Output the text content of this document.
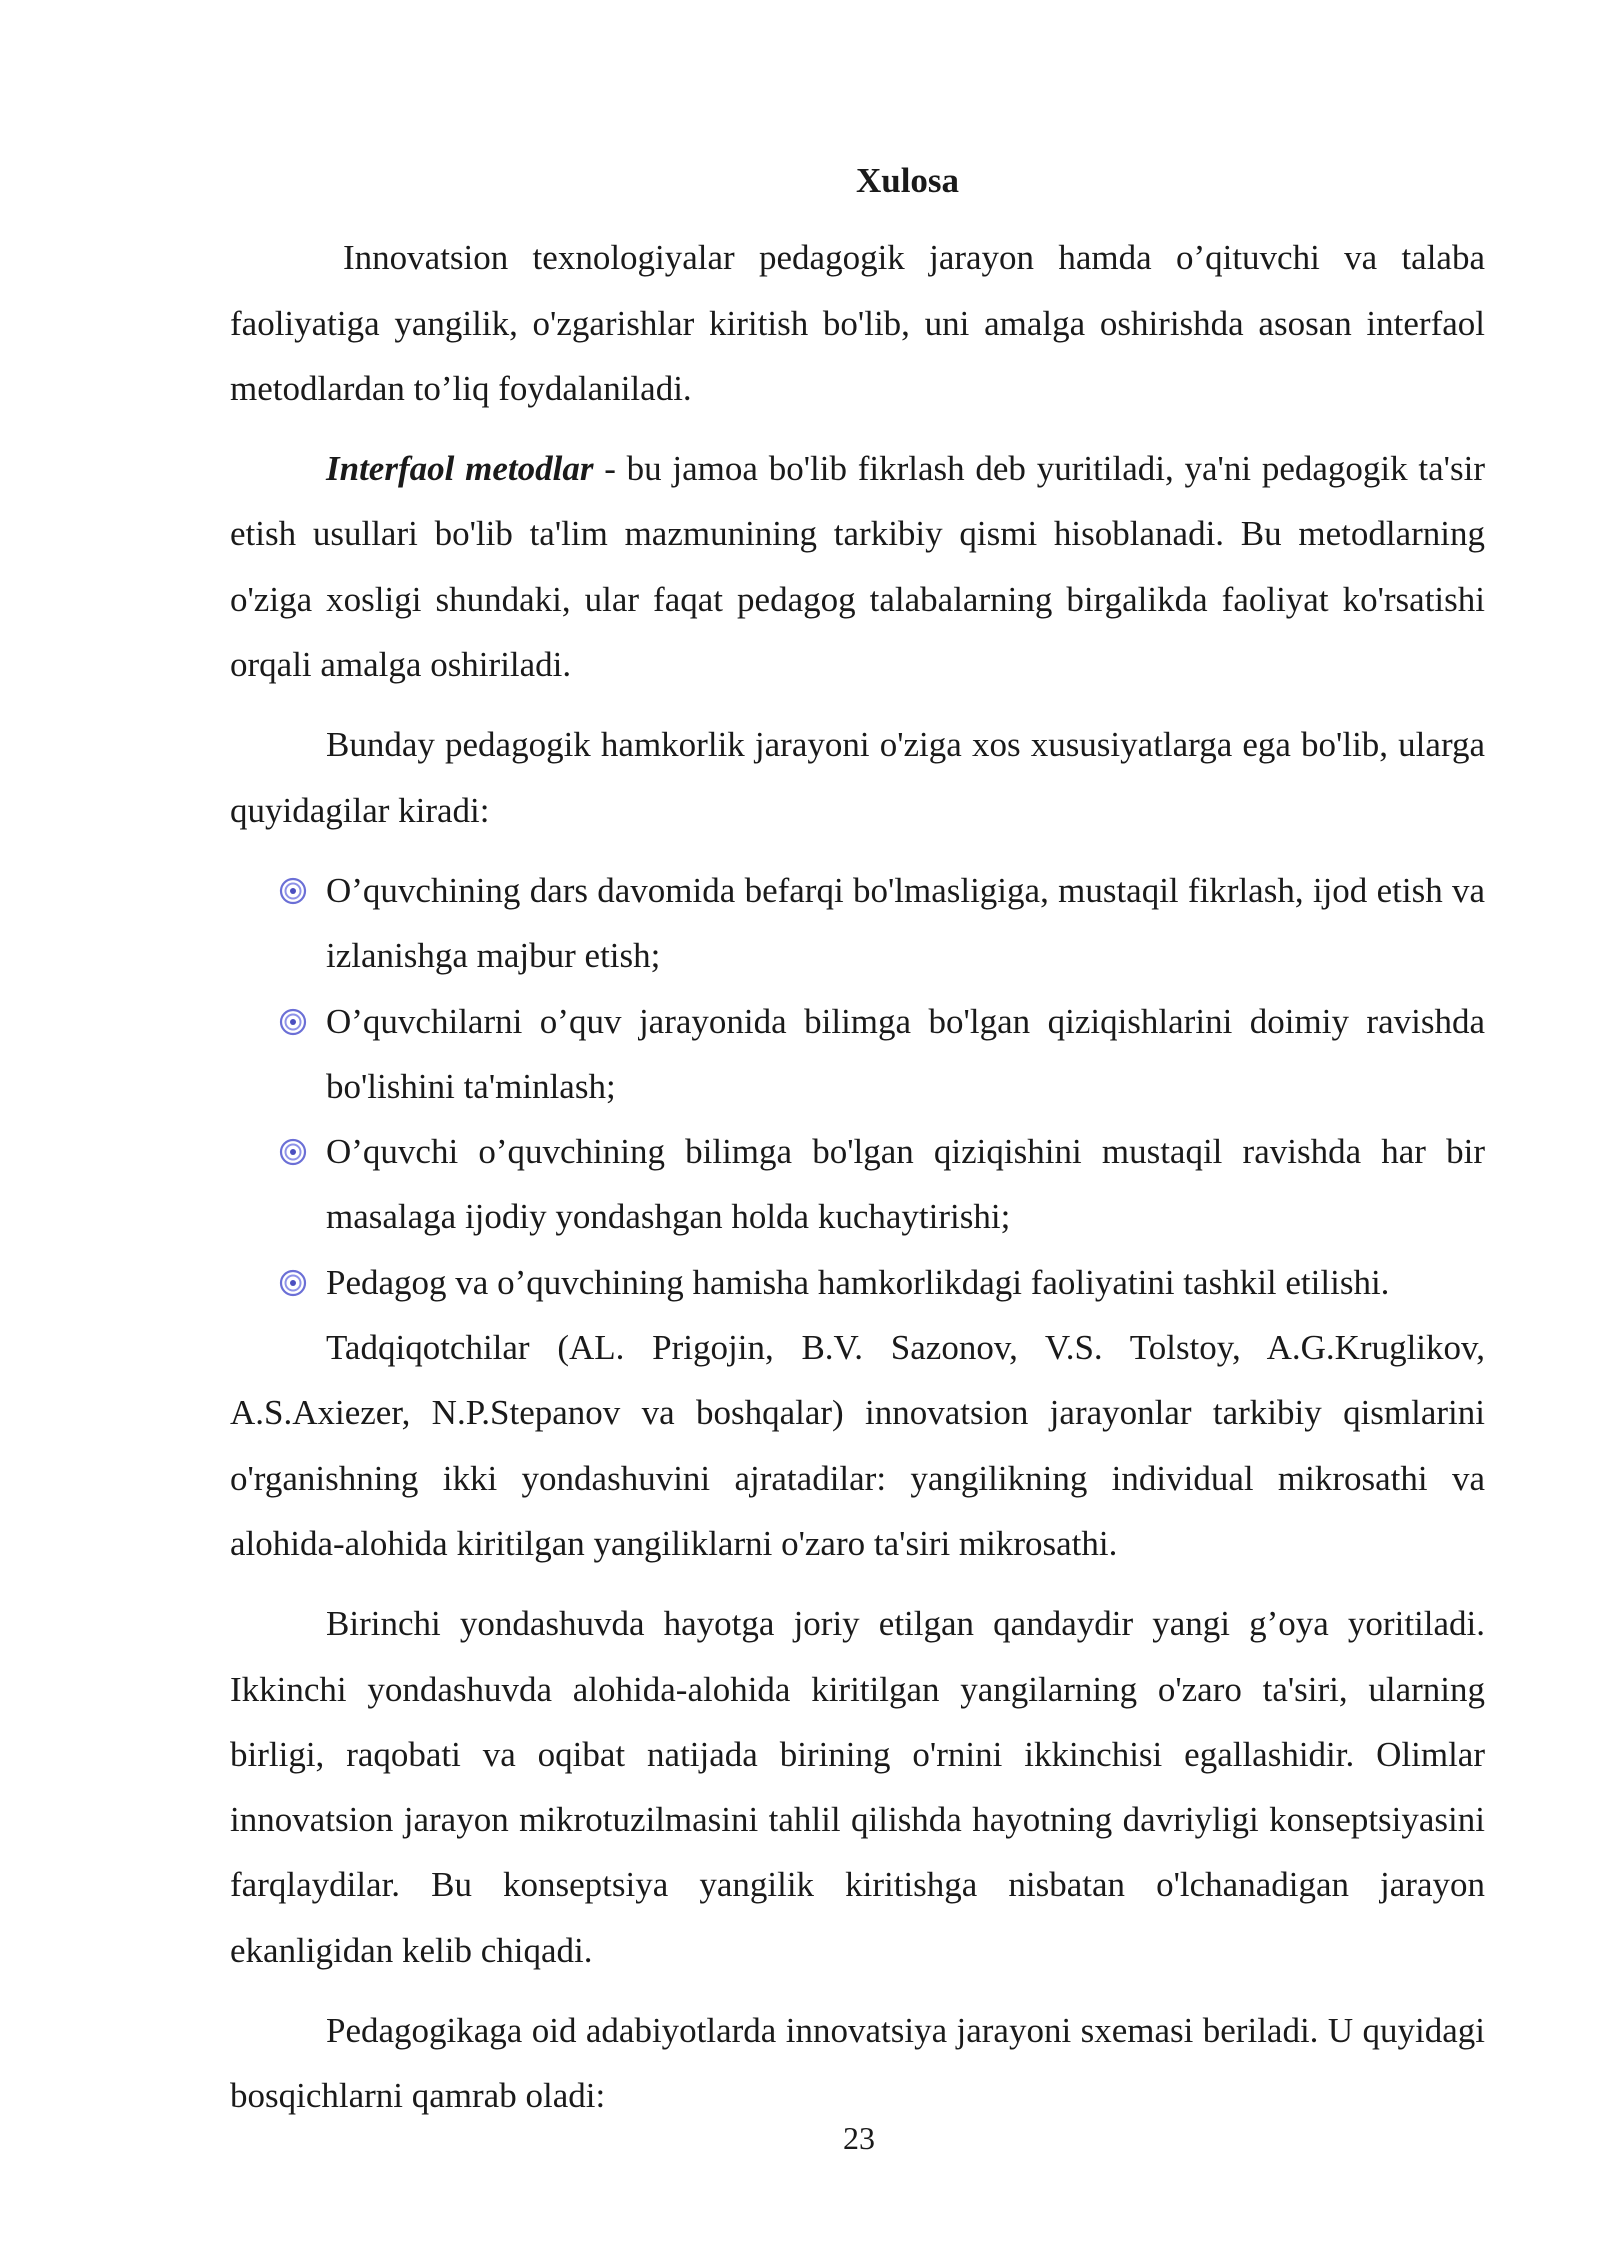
Xulosa

Innovatsion texnologiyalar pedagogik jarayon hamda o’qituvchi va talaba faoliyatiga yangilik, o'zgarishlar kiritish bo'lib, uni amalga oshirishda asosan interfaol metodlardan to’liq foydalaniladi.

Interfaol metodlar - bu jamoa bo'lib fikrlash deb yuritiladi, ya'ni pedagogik ta'sir etish usullari bo'lib ta'lim mazmunining tarkibiy qismi hisoblanadi. Bu metodlarning o'ziga xosligi shundaki, ular faqat pedagog talabalarning birgalikda faoliyat ko'rsatishi orqali amalga oshiriladi.

Bunday pedagogik hamkorlik jarayoni o'ziga xos xususiyatlarga ega bo'lib, ularga quyidagilar kiradi:

O’quvchining dars davomida befarqi bo'lmasligiga, mustaqil fikrlash, ijod etish va izlanishga majbur etish;
O’quvchilarni o’quv jarayonida bilimga bo'lgan qiziqishlarini doimiy ravishda bo'lishini ta'minlash;
O’quvchi o’quvchining bilimga bo'lgan qiziqishini mustaqil ravishda har bir masalaga ijodiy yondashgan holda kuchaytirishi;
Pedagog va o’quvchining hamisha hamkorlikdagi faoliyatini tashkil etilishi.

Tadqiqotchilar (AL. Prigojin, B.V. Sazonov, V.S. Tolstoy, A.G.Kruglikov, A.S.Axiezer, N.P.Stepanov va boshqalar) innovatsion jarayonlar tarkibiy qismlarini o'rganishning ikki yondashuvini ajratadilar: yangilikning individual mikrosathi va alohida-alohida kiritilgan yangiliklarni o'zaro ta'siri mikrosathi.

Birinchi yondashuvda hayotga joriy etilgan qandaydir yangi g’oya yoritiladi. Ikkinchi yondashuvda alohida-alohida kiritilgan yangilarning o'zaro ta'siri, ularning birligi, raqobati va oqibat natijada birining o'rnini ikkinchisi egallashidir. Olimlar innovatsion jarayon mikrotuzilmasini tahlil qilishda hayotning davriyligi konseptsiyasini farqlaydilar. Bu konseptsiya yangilik kiritishga nisbatan o'lchanadigan jarayon ekanligidan kelib chiqadi.

Pedagogikaga oid adabiyotlarda innovatsiya jarayoni sxemasi beriladi. U quyidagi bosqichlarni qamrab oladi:

23
